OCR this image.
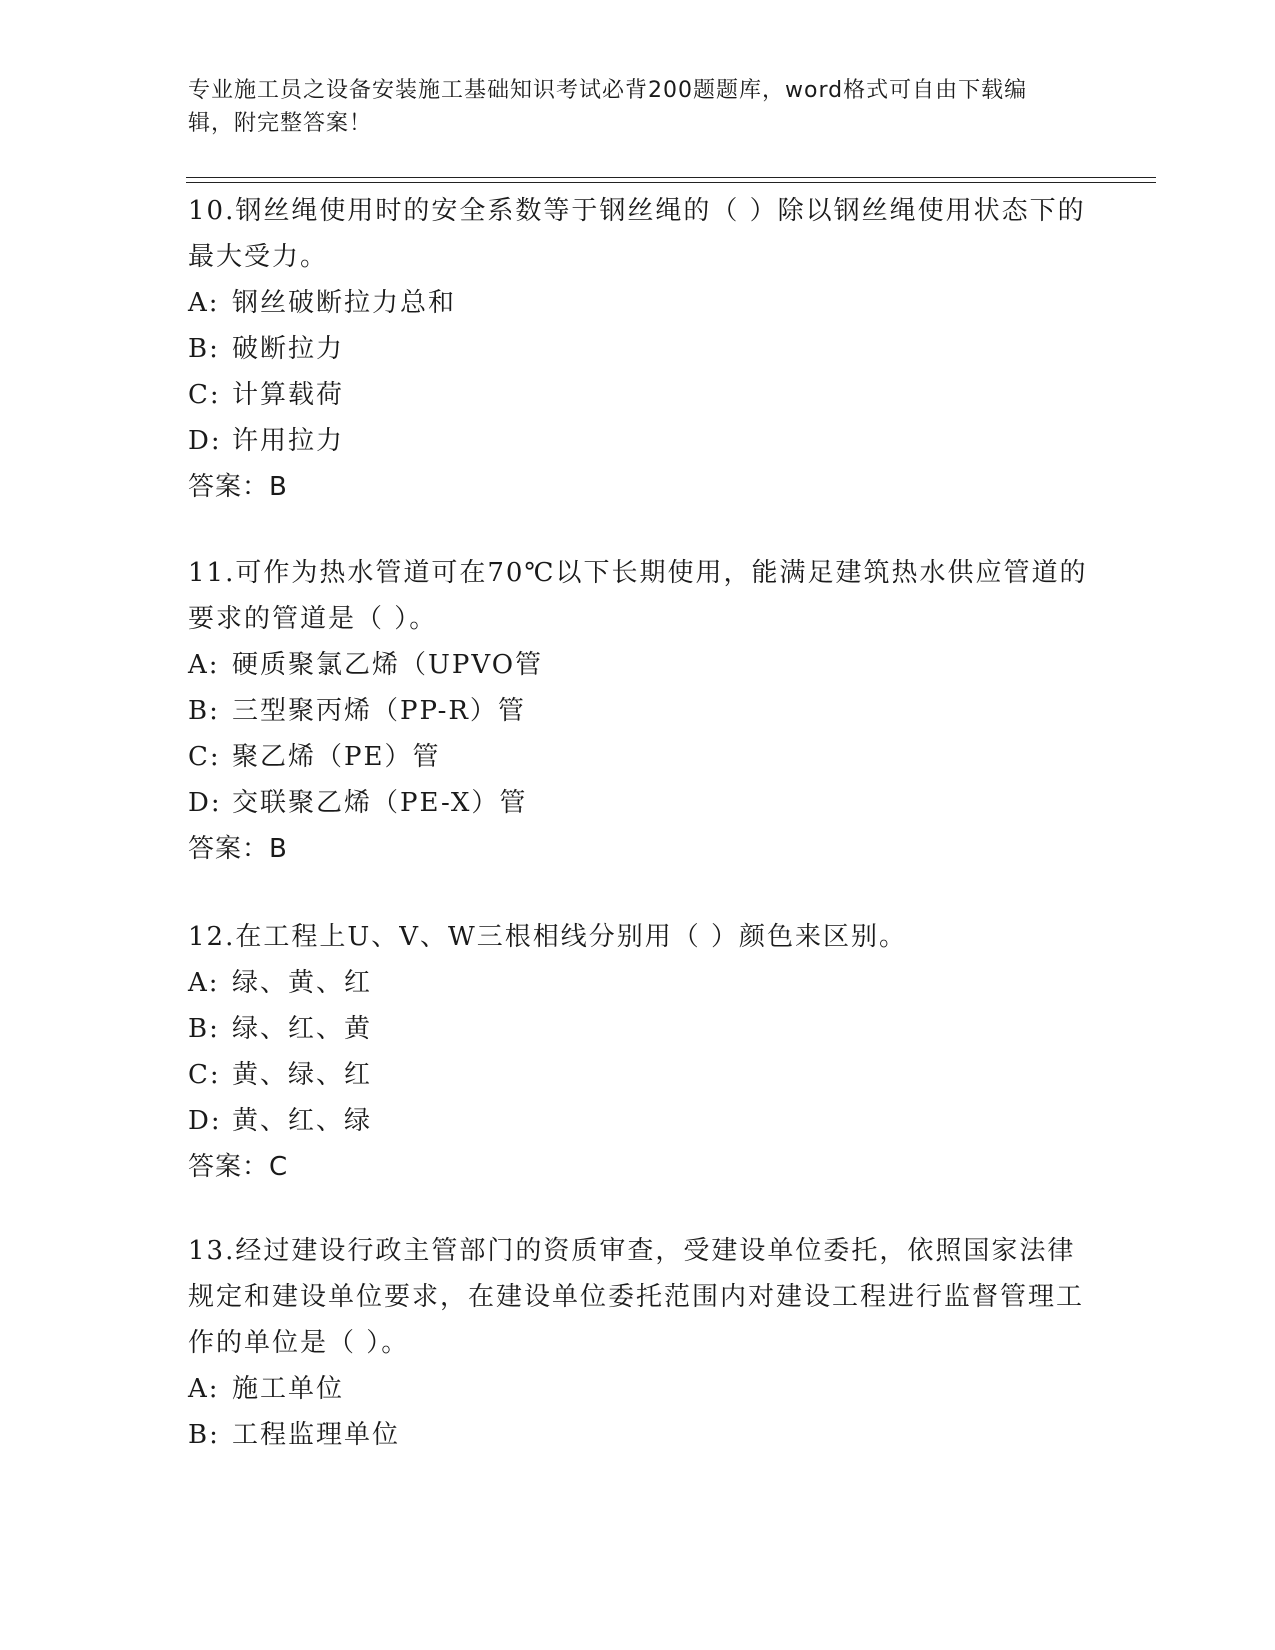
专业施工员之设备安装施工基础知识考试必背200题题库，word格式可自由下载编辑，附完整答案！

10.钢丝绳使用时的安全系数等于钢丝绳的（ ）除以钢丝绳使用状态下的最大受力。

A: 钢丝破断拉力总和

B: 破断拉力

C: 计算载荷

D: 许用拉力

答案：B

11.可作为热水管道可在70℃以下长期使用，能满足建筑热水供应管道的要求的管道是（ ）。

A: 硬质聚氯乙烯（UPVO管

B: 三型聚丙烯（PP-R）管

C: 聚乙烯（PE）管

D: 交联聚乙烯（PE-X）管

答案：B

12.在工程上U、V、W三根相线分别用（ ）颜色来区别。

A: 绿、黄、红

B: 绿、红、黄

C: 黄、绿、红

D: 黄、红、绿

答案：C

13.经过建设行政主管部门的资质审查，受建设单位委托，依照国家法律规定和建设单位要求，在建设单位委托范围内对建设工程进行监督管理工作的单位是（ ）。

A: 施工单位

B: 工程监理单位
